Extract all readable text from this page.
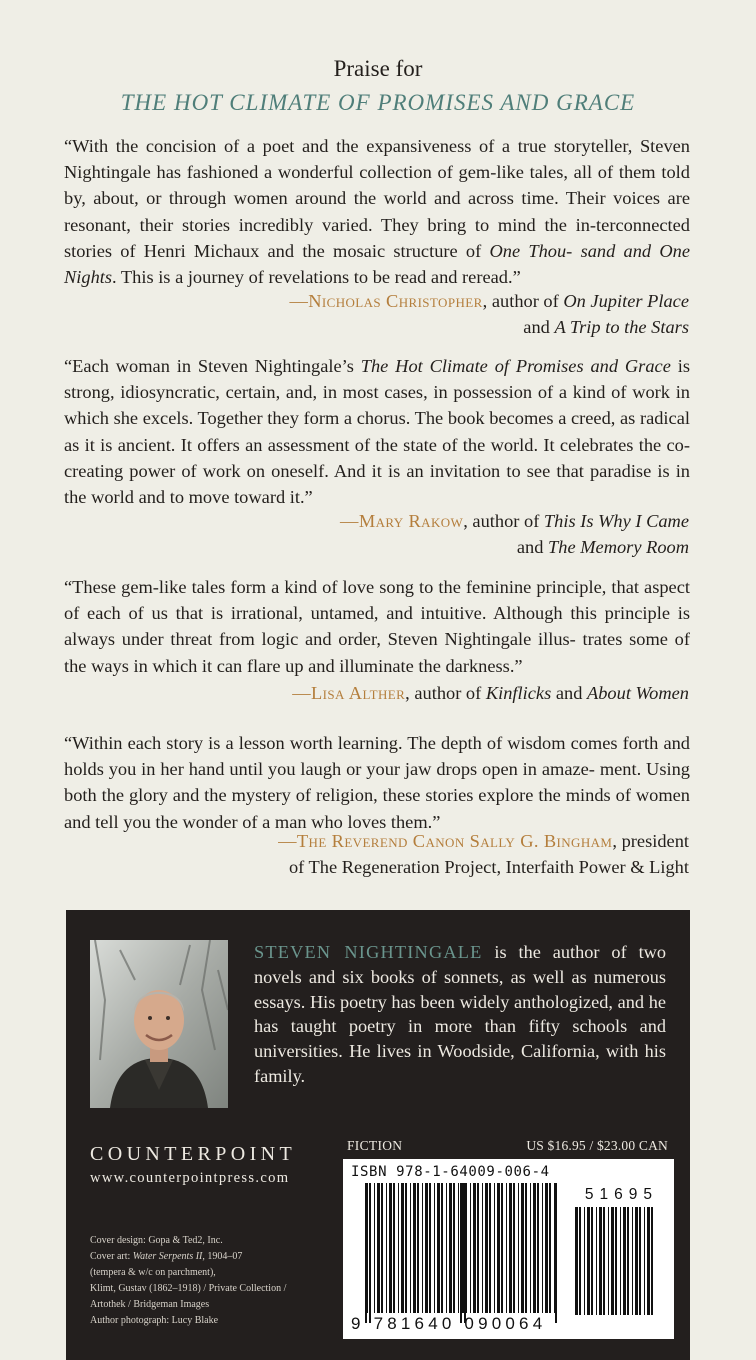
Praise for
THE HOT CLIMATE OF PROMISES AND GRACE
“With the concision of a poet and the expansiveness of a true storyteller, Steven Nightingale has fashioned a wonderful collection of gem-like tales, all of them told by, about, or through women around the world and across time. Their voices are resonant, their stories incredibly varied. They bring to mind the in-terconnected stories of Henri Michaux and the mosaic structure of One Thou- sand and One Nights. This is a journey of revelations to be read and reread.”
—Nicholas Christopher, author of On Jupiter Place
and A Trip to the Stars
“Each woman in Steven Nightingale’s The Hot Climate of Promises and Grace is strong, idiosyncratic, certain, and, in most cases, in possession of a kind of work in which she excels. Together they form a chorus. The book becomes a creed, as radical as it is ancient. It offers an assessment of the state of the world. It celebrates the co-creating power of work on oneself. And it is an invitation to see that paradise is in the world and to move toward it.”
—Mary Rakow, author of This Is Why I Came
and The Memory Room
“These gem-like tales form a kind of love song to the feminine principle, that aspect of each of us that is irrational, untamed, and intuitive. Although this principle is always under threat from logic and order, Steven Nightingale illus- trates some of the ways in which it can flare up and illuminate the darkness.”
—Lisa Alther, author of Kinflicks and About Women
“Within each story is a lesson worth learning. The depth of wisdom comes forth and holds you in her hand until you laugh or your jaw drops open in amaze- ment. Using both the glory and the mystery of religion, these stories explore the minds of women and tell you the wonder of a man who loves them.”
—The Reverend Canon Sally G. Bingham, president
of The Regeneration Project, Interfaith Power & Light
STEVEN NIGHTINGALE is the author of two novels and six books of sonnets, as well as numerous essays. His poetry has been widely anthologized, and he has taught poetry in more than fifty schools and universities. He lives in Woodside, California, with his family.
COUNTERPOINT
www.counterpointpress.com
FICTION	US $16.95 / $23.00 CAN
Cover design: Gopa & Ted2, Inc.
Cover art: Water Serpents II, 1904–07
(tempera & w/c on parchment),
Klimt, Gustav (1862–1918) / Private Collection /
Artothek / Bridgeman Images
Author photograph: Lucy Blake
ISBN 978-1-64009-006-4
51695
9 781640 090064
